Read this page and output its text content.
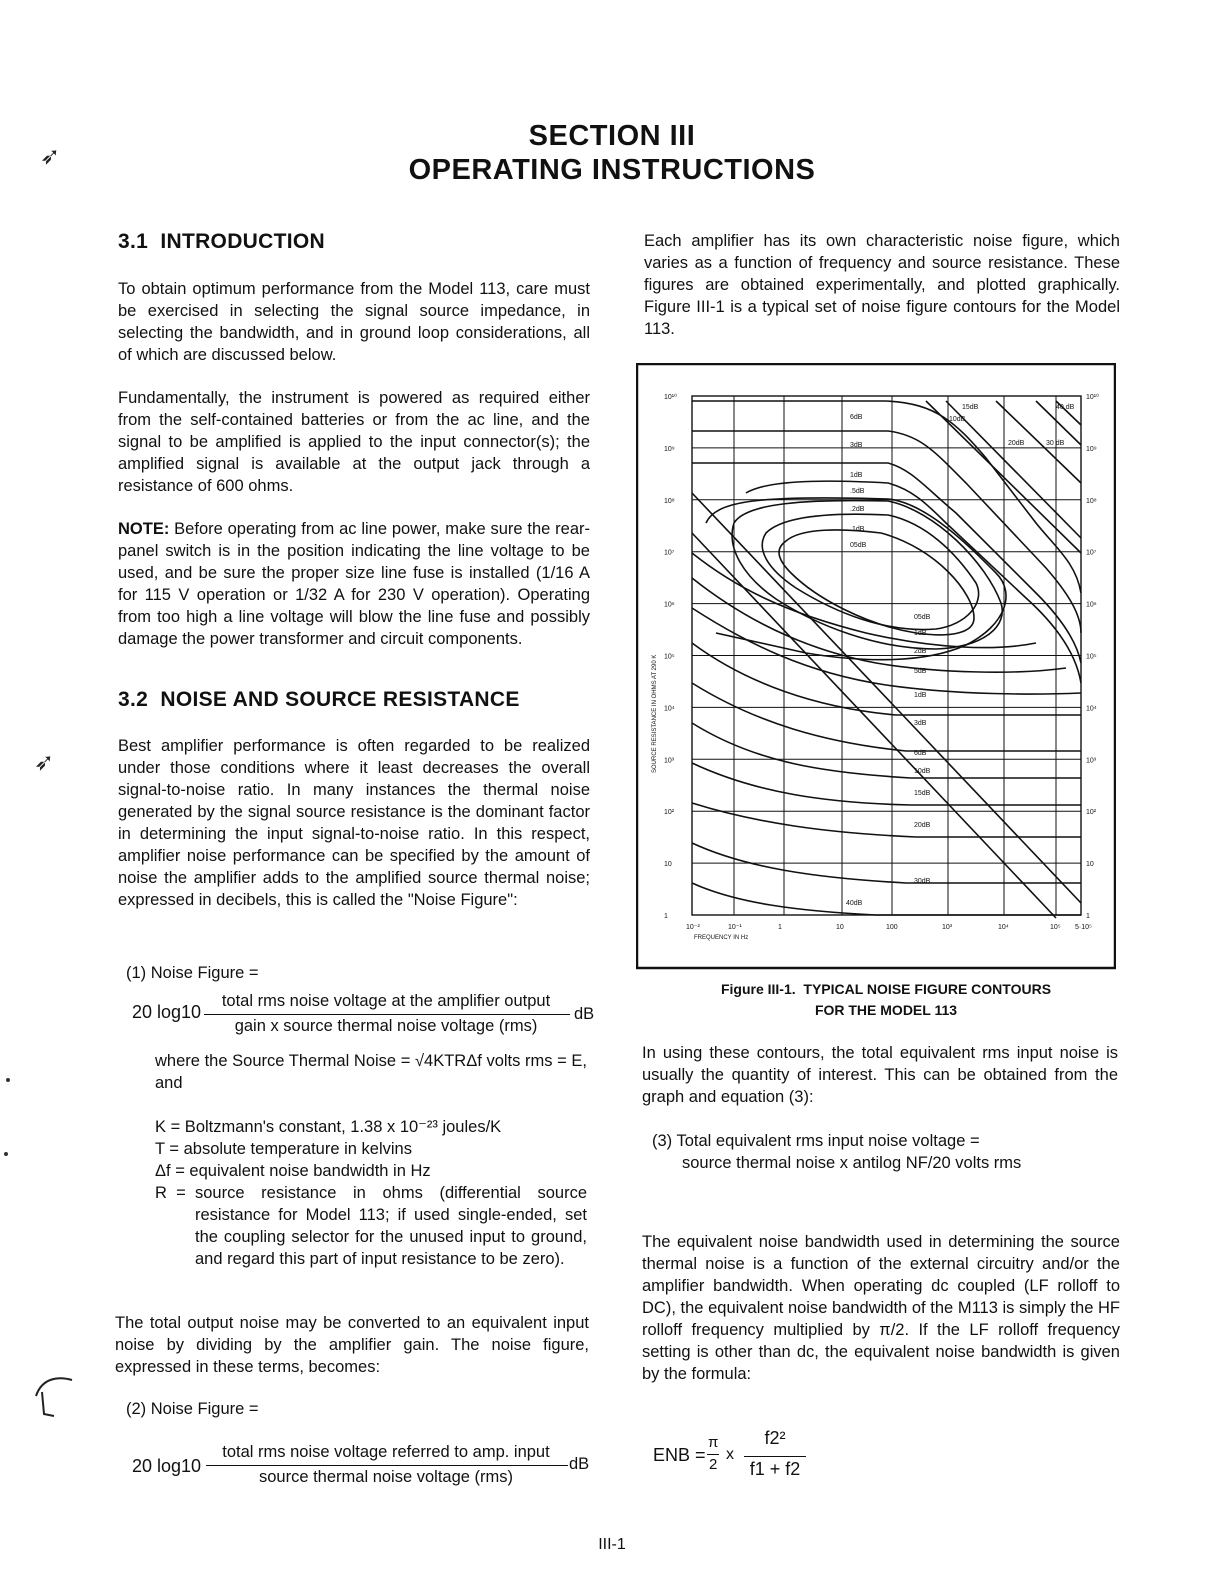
➶
➶
SECTION III
OPERATING INSTRUCTIONS
3.1  INTRODUCTION
To obtain optimum performance from the Model 113, care must be exercised in selecting the signal source impedance, in selecting the bandwidth, and in ground loop considerations, all of which are discussed below.
Fundamentally, the instrument is powered as required either from the self-contained batteries or from the ac line, and the signal to be amplified is applied to the input connector(s); the amplified signal is available at the output jack through a resistance of 600 ohms.
NOTE: Before operating from ac line power, make sure the rear-panel switch is in the position indicating the line voltage to be used, and be sure the proper size line fuse is installed (1/16 A for 115 V operation or 1/32 A for 230 V operation). Operating from too high a line voltage will blow the line fuse and possibly damage the power transformer and circuit components.
3.2  NOISE AND SOURCE RESISTANCE
Best amplifier performance is often regarded to be realized under those conditions where it least decreases the overall signal-to-noise ratio. In many instances the thermal noise generated by the signal source resistance is the dominant factor in determining the input signal-to-noise ratio. In this respect, amplifier noise performance can be specified by the amount of noise the amplifier adds to the amplified source thermal noise; expressed in decibels, this is called the "Noise Figure":
(1) Noise Figure =
20 log10
total rms noise voltage at the amplifier output
gain x source thermal noise voltage (rms)
dB
where the Source Thermal Noise = √4KTRΔf volts rms = E, and
K = Boltzmann's constant, 1.38 x 10⁻²³ joules/K
T = absolute temperature in kelvins
Δf = equivalent noise bandwidth in Hz
R  = source resistance in ohms (differential source resistance for Model 113; if used single-ended, set the coupling selector for the unused input to ground, and regard this part of input resistance to be zero).
The total output noise may be converted to an equivalent input noise by dividing by the amplifier gain. The noise figure, expressed in these terms, becomes:
(2) Noise Figure =
20 log10
total rms noise voltage referred to amp. input
source thermal noise voltage (rms)
dB
Each amplifier has its own characteristic noise figure, which varies as a function of frequency and source resistance. These figures are obtained experimentally, and plotted graphically. Figure III-1 is a typical set of noise figure contours for the Model 113.
6dB
3dB
1dB
.5dB
.2dB
.1dB
05dB
05dB
1dB
2dB
5dB
1dB
3dB
6dB
10dB
15dB
20dB
30dB
40dB
40 dB
15dB
10dB
20dB	30 dB
10⁻²	10⁻¹	1	10	100	10³	10⁴	10⁵ 5·10⁵
1	1
10	10
10²	10²
10³	10³
10⁴	10⁴
10⁵	10⁵
10⁶	10⁶
10⁷	10⁷
10⁸	10⁸
10⁹	10⁹
10¹⁰	10¹⁰
FREQUENCY IN Hz
SOURCE RESISTANCE IN OHMS AT 290 K
Figure III-1.  TYPICAL NOISE FIGURE CONTOURS
FOR THE MODEL 113
In using these contours, the total equivalent rms input noise is usually the quantity of interest. This can be obtained from the graph and equation (3):
(3) Total equivalent rms input noise voltage =
source thermal noise x antilog NF/20 volts rms
The equivalent noise bandwidth used in determining the source thermal noise is a function of the external circuitry and/or the amplifier bandwidth. When operating dc coupled (LF rolloff to DC), the equivalent noise bandwidth of the M113 is simply the HF rolloff frequency multiplied by π/2. If the LF rolloff frequency setting is other than dc, the equivalent noise bandwidth is given by the formula:
ENB =
π
2
x
f2²
f1 + f2
III-1
